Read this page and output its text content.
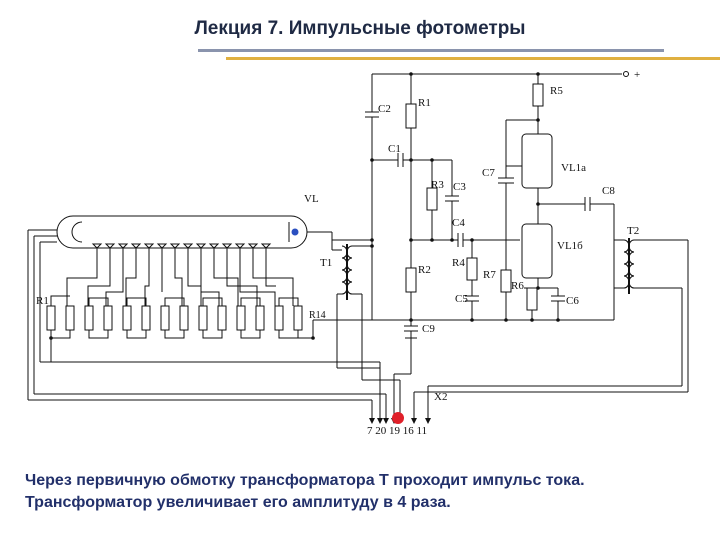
Лекция 7. Импульсные фотометры
+
R5
R1
C2
C1
R3 C3
C7	VL1a
C8
VL
C4
T2
VL1б
T1
R2
R4
R7
R6
C5	C6
R1
R14
C9
X2
7 20 19 16 11
Через первичную обмотку трансформатора Т проходит импульс тока.
Трансформатор увеличивает его амплитуду в 4 раза.
